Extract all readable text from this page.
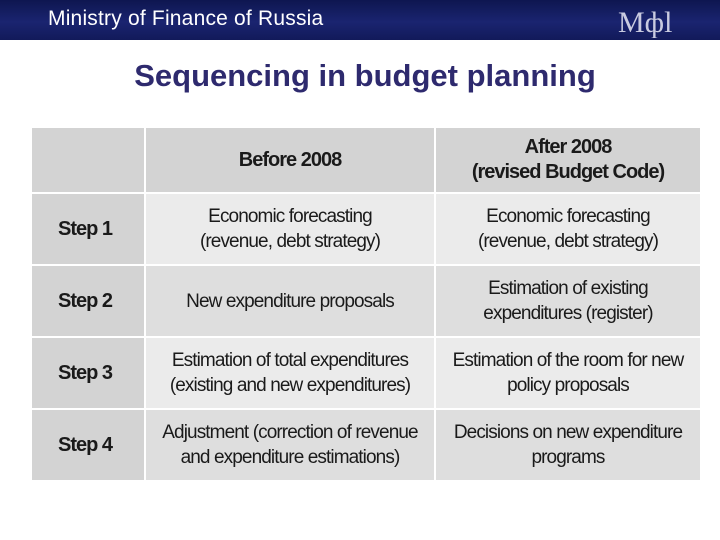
Ministry of Finance of Russia	Mфl
Sequencing in budget planning
Before 2008
After 2008
(revised Budget Code)
Step 1
Economic forecasting
(revenue, debt strategy)
Economic forecasting
(revenue, debt strategy)
Step 2	New expenditure proposals
Estimation of existing
expenditures (register)
Step 3
Estimation of total expenditures
(existing and new expenditures)
Estimation of the room for new
policy proposals
Step 4
Adjustment (correction of revenue
and expenditure estimations)
Decisions on new expenditure
programs
